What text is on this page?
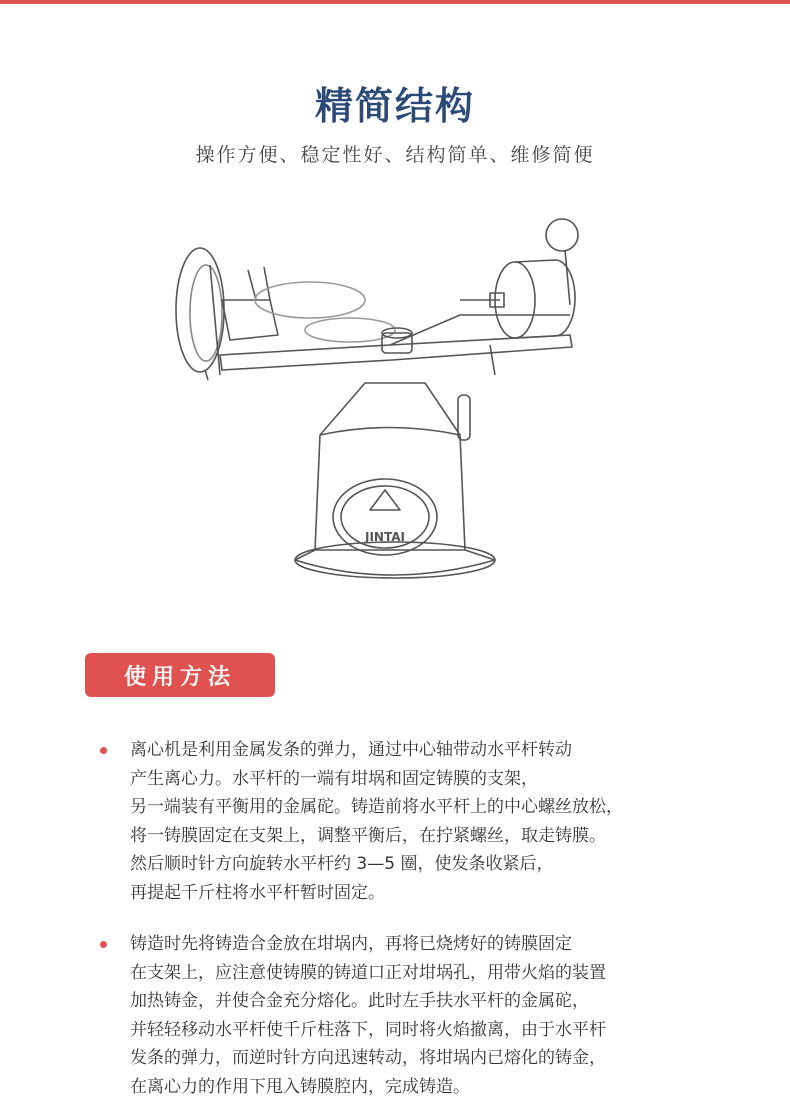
精简结构
操作方便、稳定性好、结构简单、维修简便
JINTAI
使用方法
离心机是利用金属发条的弹力，通过中心轴带动水平杆转动
产生离心力。水平杆的一端有坩埚和固定铸膜的支架，
另一端装有平衡用的金属砣。铸造前将水平杆上的中心螺丝放松，
将一铸膜固定在支架上，调整平衡后，在拧紧螺丝，取走铸膜。
然后顺时针方向旋转水平杆约 3—5 圈，使发条收紧后，
再提起千斤柱将水平杆暂时固定。
铸造时先将铸造合金放在坩埚内，再将已烧烤好的铸膜固定
在支架上，应注意使铸膜的铸道口正对坩埚孔，用带火焰的装置
加热铸金，并使合金充分熔化。此时左手扶水平杆的金属砣，
并轻轻移动水平杆使千斤柱落下，同时将火焰撤离，由于水平杆
发条的弹力，而逆时针方向迅速转动，将坩埚内已熔化的铸金，
在离心力的作用下甩入铸膜腔内，完成铸造。
